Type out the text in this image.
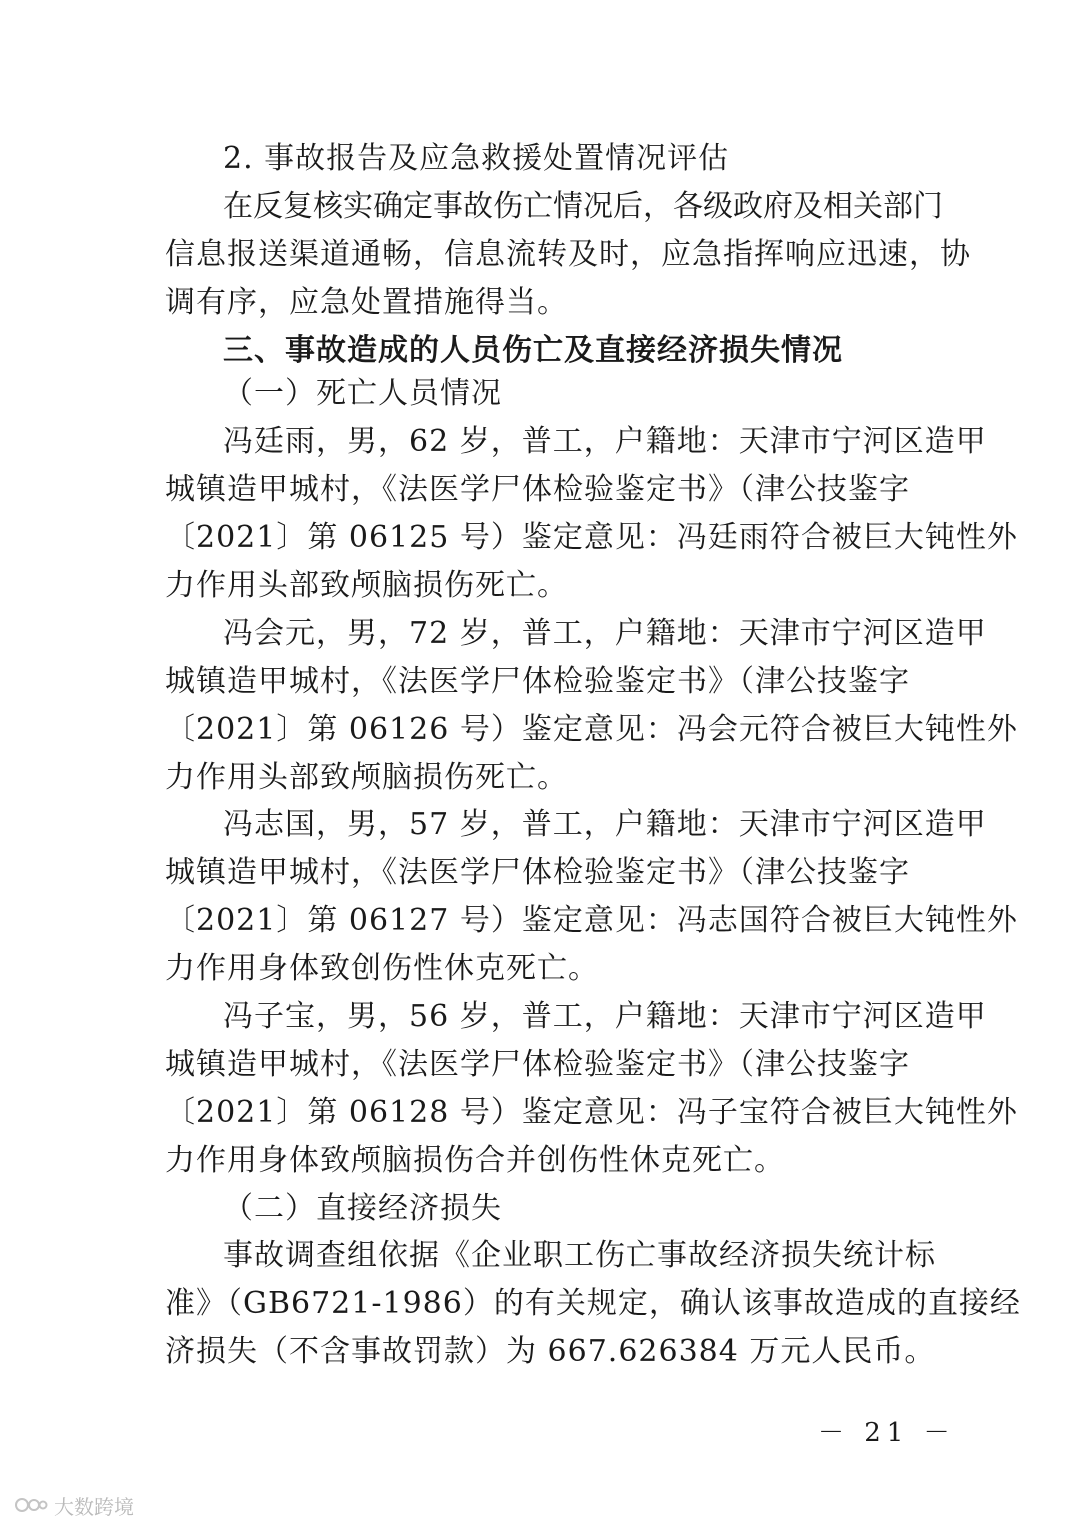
2. 事故报告及应急救援处置情况评估
在反复核实确定事故伤亡情况后，各级政府及相关部门
信息报送渠道通畅，信息流转及时，应急指挥响应迅速，协
调有序，应急处置措施得当。
三、事故造成的人员伤亡及直接经济损失情况
（一）死亡人员情况
冯廷雨，男，62 岁，普工，户籍地：天津市宁河区造甲
城镇造甲城村，《法医学尸体检验鉴定书》（津公技鉴字
〔2021〕第 06125 号）鉴定意见：冯廷雨符合被巨大钝性外
力作用头部致颅脑损伤死亡。
冯会元，男，72 岁，普工，户籍地：天津市宁河区造甲
城镇造甲城村，《法医学尸体检验鉴定书》（津公技鉴字
〔2021〕第 06126 号）鉴定意见：冯会元符合被巨大钝性外
力作用头部致颅脑损伤死亡。
冯志国，男，57 岁，普工，户籍地：天津市宁河区造甲
城镇造甲城村，《法医学尸体检验鉴定书》（津公技鉴字
〔2021〕第 06127 号）鉴定意见：冯志国符合被巨大钝性外
力作用身体致创伤性休克死亡。
冯子宝，男，56 岁，普工，户籍地：天津市宁河区造甲
城镇造甲城村，《法医学尸体检验鉴定书》（津公技鉴字
〔2021〕第 06128 号）鉴定意见：冯子宝符合被巨大钝性外
力作用身体致颅脑损伤合并创伤性休克死亡。
（二）直接经济损失
事故调查组依据《企业职工伤亡事故经济损失统计标
准》（GB6721-1986）的有关规定，确认该事故造成的直接经
济损失（不含事故罚款）为 667.626384 万元人民币。
－ 21 －
大数跨境
